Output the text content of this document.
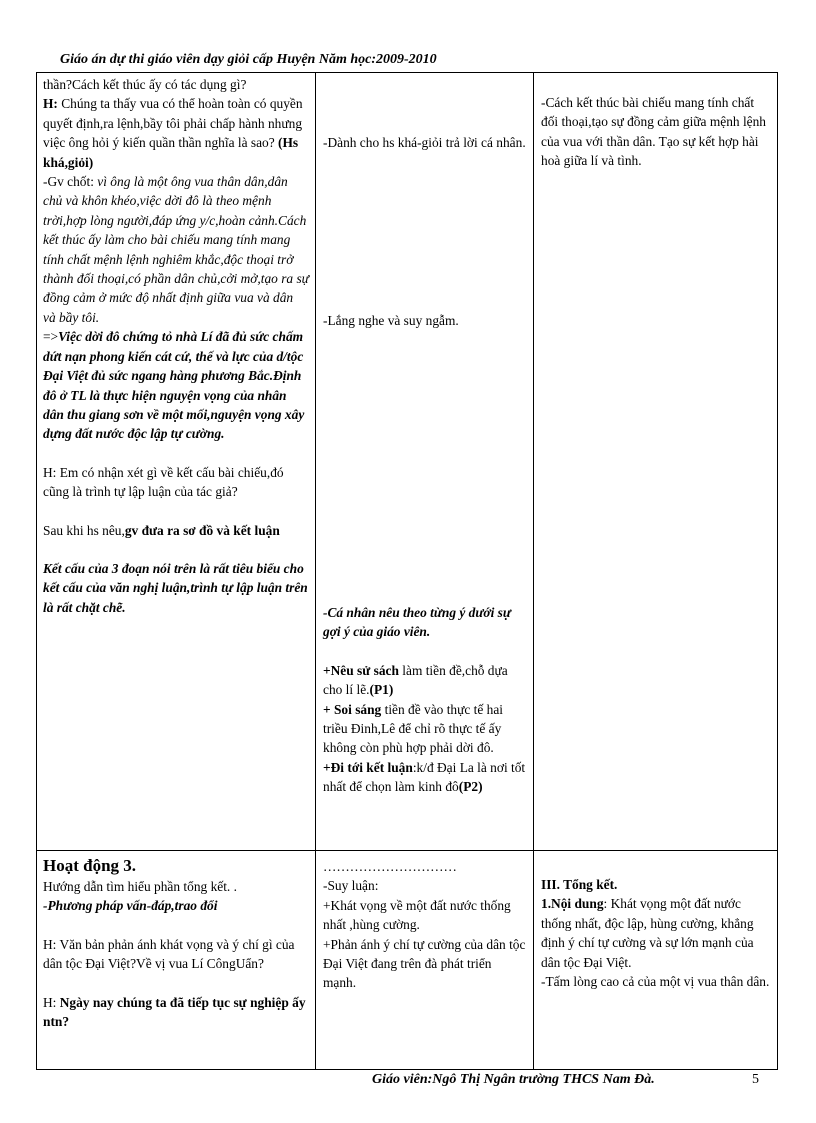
Giáo án dự thi giáo viên dạy giỏi cấp Huyện Năm học:2009-2010

thần?Cách kết thúc ấy có tác dụng gì?

H: Chúng ta thấy vua có thể hoàn toàn có quyền quyết định,ra lệnh,bầy tôi phải chấp hành nhưng việc ông hỏi ý kiến quần thần nghĩa là sao? (Hs khá,giỏi)

-Gv chốt: vì ông là một ông vua thân dân,dân chủ và khôn khéo,việc dời đô là theo mệnh trời,hợp lòng người,đáp ứng y/c,hoàn cảnh.Cách kết thúc ấy làm cho bài chiếu mang tính mang tính chất mệnh lệnh nghiêm khắc,độc thoại trở thành đối thoại,có phần dân chủ,cởi mở,tạo ra sự đồng cảm ở mức độ nhất định giữa vua và dân và bầy tôi.

=>Việc dời đô chứng tỏ nhà Lí đã đủ sức chấm dứt nạn phong kiến cát cứ, thế và lực của d/tộc Đại Việt đủ sức ngang hàng phương Bắc.Định đô ở TL là thực hiện nguyện vọng của nhân dân thu giang sơn về một mối,nguyện vọng xây dựng đất nước độc lập tự cường.

H: Em có nhận xét gì về kết cấu bài chiếu,đó cũng là trình tự lập luận của tác giả?

Sau khi hs nêu,gv đưa ra sơ đồ và kết luận

Kết cấu của 3 đoạn nói trên là rất tiêu biểu cho kết cấu của văn nghị luận,trình tự lập luận trên là rất chặt chẽ.

Hoạt động 3.

Hướng dẫn tìm hiểu phần tổng kết. .

-Phương pháp vấn-đáp,trao đổi

H: Văn bản phản ánh khát vọng và ý chí gì của dân tộc Đại Việt?Về vị vua Lí CôngUẩn?

H: Ngày nay chúng ta đã tiếp tục sự nghiệp ấy ntn?

-Dành cho hs khá-giỏi trả lời cá nhân.
-Lắng nghe và suy ngẫm.

-Cá nhân nêu theo từng ý dưới sự gợi ý của giáo viên.

+Nêu sử sách làm tiền đề,chỗ dựa cho lí lẽ.(P1)

+ Soi sáng tiền đề vào thực tế hai triều Đinh,Lê để chỉ rõ thực tế ấy không còn phù hợp phải dời đô.

+Đi tới kết luận:k/đ Đại La là nơi tốt nhất để chọn làm kinh đô(P2)

…………………………

-Suy luận:

+Khát vọng về một đất nước thống nhất ,hùng cường.

+Phản ánh ý chí tự cường của dân tộc Đại Việt đang trên đà phát triển mạnh.

-Cách kết thúc bài chiếu mang tính chất đối thoại,tạo sự đồng cảm giữa mệnh lệnh của vua với thần dân. Tạo sự kết hợp hài hoà giữa lí và tình.

III. Tổng kết.

1.Nội dung: Khát vọng một đất nước thống nhất, độc lập, hùng cường, khẳng định ý chí tự cường và sự lớn mạnh của dân tộc Đại Việt.

-Tấm lòng cao cả của một vị vua thân dân.

Giáo viên:Ngô Thị Ngân trường THCS Nam Đà.	5
